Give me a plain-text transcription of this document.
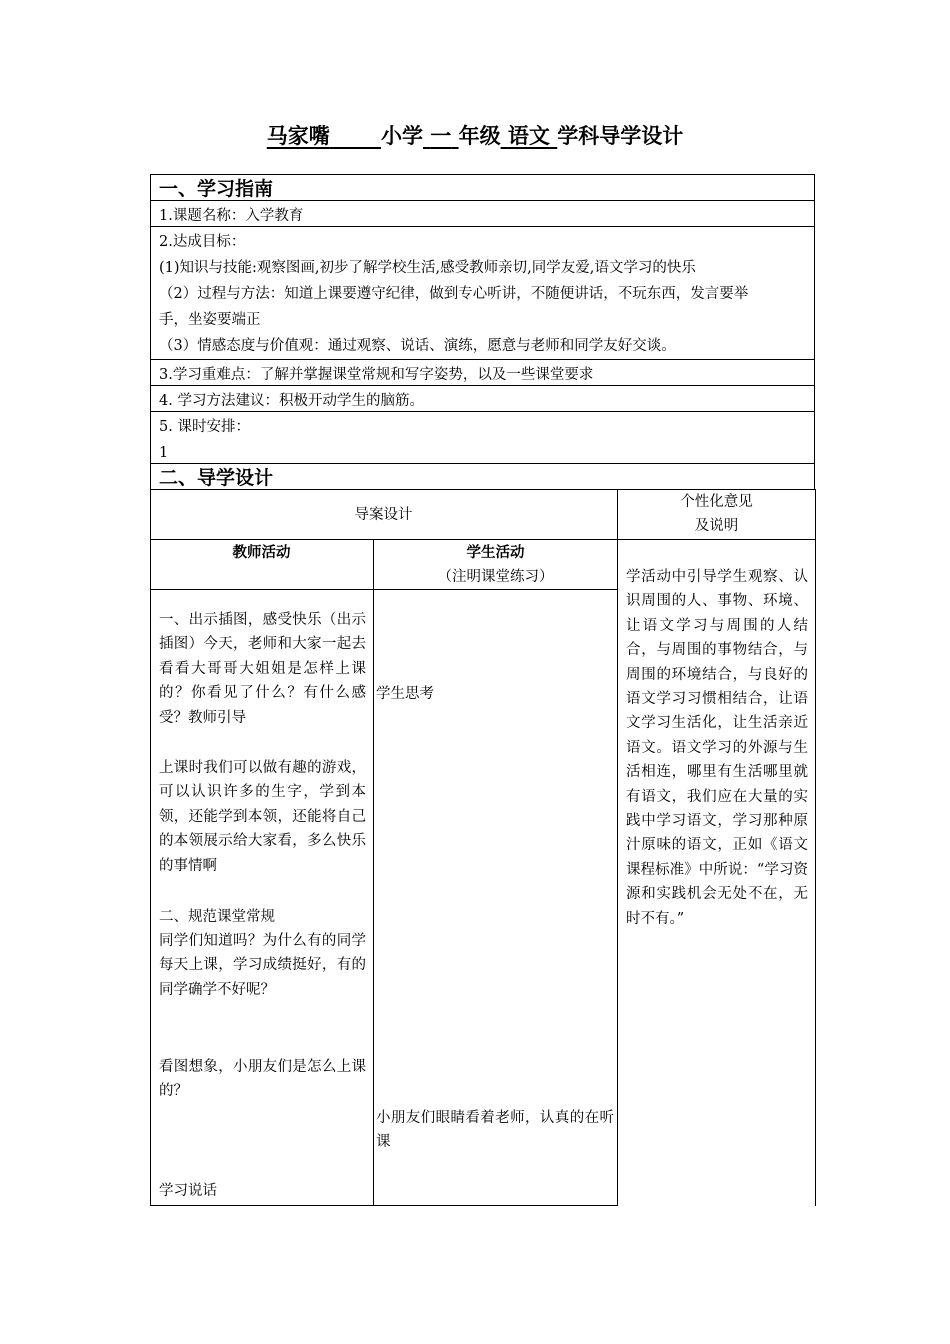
马家嘴 小学 一 年级 语文 学科导学设计
一、学习指南
1.课题名称：入学教育
2.达成目标：
(1)知识与技能:观察图画,初步了解学校生活,感受教师亲切,同学友爱,语文学习的快乐
（2）过程与方法：知道上课要遵守纪律，做到专心听讲，不随便讲话，不玩东西，发言要举
手，坐姿要端正
（3）情感态度与价值观：通过观察、说话、演练，愿意与老师和同学友好交谈。
3.学习重难点：了解并掌握课堂常规和写字姿势，以及一些课堂要求
4. 学习方法建议：积极开动学生的脑筋。
5. 课时安排：
1
二、导学设计
导案设计
个性化意见
及说明
教师活动	学生活动
（注明课堂练习）
一、出示插图，感受快乐（出示插图）今天，老师和大家一起去看看大哥哥大姐姐是怎样上课的？你看见了什么？有什么感受？教师引导
上课时我们可以做有趣的游戏，可以认识许多的生字，学到本领，还能学到本领，还能将自己的本领展示给大家看，多么快乐的事情啊
二、规范课堂常规
同学们知道吗？为什么有的同学每天上课，学习成绩挺好，有的同学确学不好呢？
看图想象，小朋友们是怎么上课的？
学习说话
学生思考
小朋友们眼睛看着老师，认真的在听课
学活动中引导学生观察、认识周围的人、事物、环境、让语文学习与周围的人结合，与周围的事物结合，与周围的环境结合，与良好的语文学习习惯相结合，让语文学习生活化，让生活亲近语文。语文学习的外源与生活相连，哪里有生活哪里就有语文，我们应在大量的实践中学习语文，学习那种原汁原味的语文，正如《语文课程标准》中所说：“学习资源和实践机会无处不在，无时不有。”
